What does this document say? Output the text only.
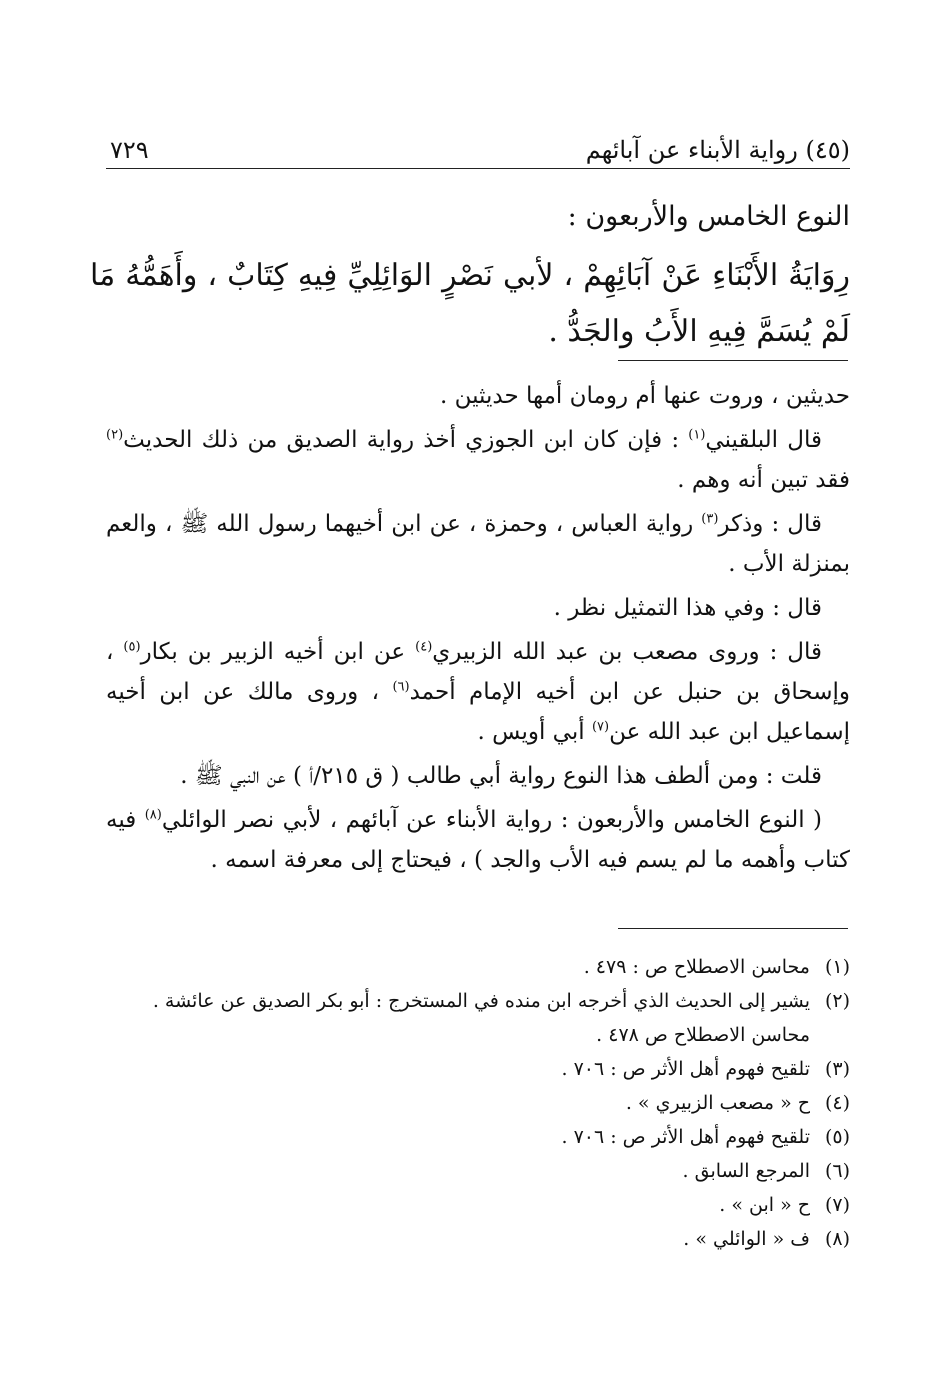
(٤٥) رواية الأبناء عن آبائهم
٧٢٩
النوع الخامس والأربعون :
رِوَايَةُ الأَبْنَاءِ عَنْ آبَائِهِمْ ، لأبي نَصْرٍ الوَائِلِيِّ فِيهِ كِتَابٌ ، وأَهَمُّهُ مَا لَمْ يُسَمَّ فِيهِ الأَبُ والجَدُّ .

حديثين ، وروت عنها أم رومان أمها حديثين .

قال البلقيني$^{(١)}$ : فإن كان ابن الجوزي أخذ رواية الصديق من ذلك الحديث$^{(٢)}$ فقد تبين أنه وهم .

قال : وذكر$^{(٣)}$ رواية العباس ، وحمزة ، عن ابن أخيهما رسول الله ﷺ ، والعم بمنزلة الأب .

قال : وفي هذا التمثيل نظر .

قال : وروى مصعب بن عبد الله الزبيري$^{(٤)}$ عن ابن أخيه الزبير بن بكار$^{(٥)}$ ، وإسحاق بن حنبل عن ابن أخيه الإمام أحمد$^{(٦)}$ ، وروى مالك عن ابن أخيه إسماعيل ابن عبد الله عن$^{(٧)}$ أبي أويس .

قلت : ومن ألطف هذا النوع رواية أبي طالب ( ق ٢١٥/أ ) عن النبي ﷺ .

( النوع الخامس والأربعون : رواية الأبناء عن آبائهم ، لأبي نصر الوائلي$^{(٨)}$ فيه كتاب وأهمه ما لم يسم فيه الأب والجد ) ، فيحتاج إلى معرفة اسمه .

(١)
محاسن الاصطلاح ص : ٤٧٩ .
(٢)
يشير إلى الحديث الذي أخرجه ابن منده في المستخرج : أبو بكر الصديق عن عائشة . محاسن الاصطلاح ص ٤٧٨ .
(٣)
تلقيح فهوم أهل الأثر ص : ٧٠٦ .
(٤)
ح « مصعب الزبيري » .
(٥)
تلقيح فهوم أهل الأثر ص : ٧٠٦ .
(٦)
المرجع السابق .
(٧)
ح « ابن » .
(٨)
ف « الوائلي » .
